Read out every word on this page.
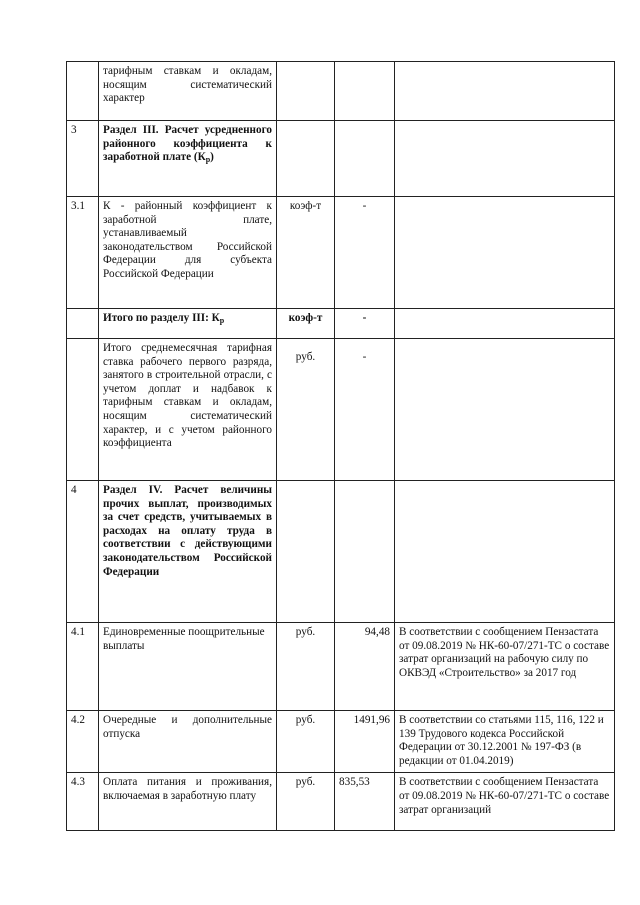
	тарифным ставкам и окладам, носящим систематический характер			
3	Раздел III. Расчет усредненного районного коэффициента к заработной плате $(К_р)$			
3.1	К - районный коэффициент к заработной плате, устанавливаемый законодательством Российской Федерации для субъекта Российской Федерации	коэф-т	-	
	Итого по разделу III: $К_р$	коэф-т	-	
	Итого среднемесячная тарифная ставка рабочего первого разряда, занятого в строительной отрасли, с учетом доплат и надбавок к тарифным ставкам и окладам, носящим систематический характер, и с учетом районного коэффициента	руб.	-	
4	Раздел IV. Расчет величины прочих выплат, производимых за счет средств, учитываемых в расходах на оплату труда в соответствии с действующими законодательством Российской Федерации			
4.1	Единовременные поощрительные выплаты	руб.	94,48	В соответствии с сообщением Пензастата от 09.08.2019 № НК-60-07/271-ТС о составе затрат организаций на рабочую силу по ОКВЭД «Строительство» за 2017 год
4.2	Очередные и дополнительные отпуска	руб.	1491,96	В соответствии со статьями 115, 116, 122 и 139 Трудового кодекса Российской Федерации от 30.12.2001 № 197-ФЗ (в редакции от 01.04.2019)
4.3	Оплата питания и проживания, включаемая в заработную плату	руб.	835,53	В соответствии с сообщением Пензастата от 09.08.2019 № НК-60-07/271-ТС о составе затрат организаций
